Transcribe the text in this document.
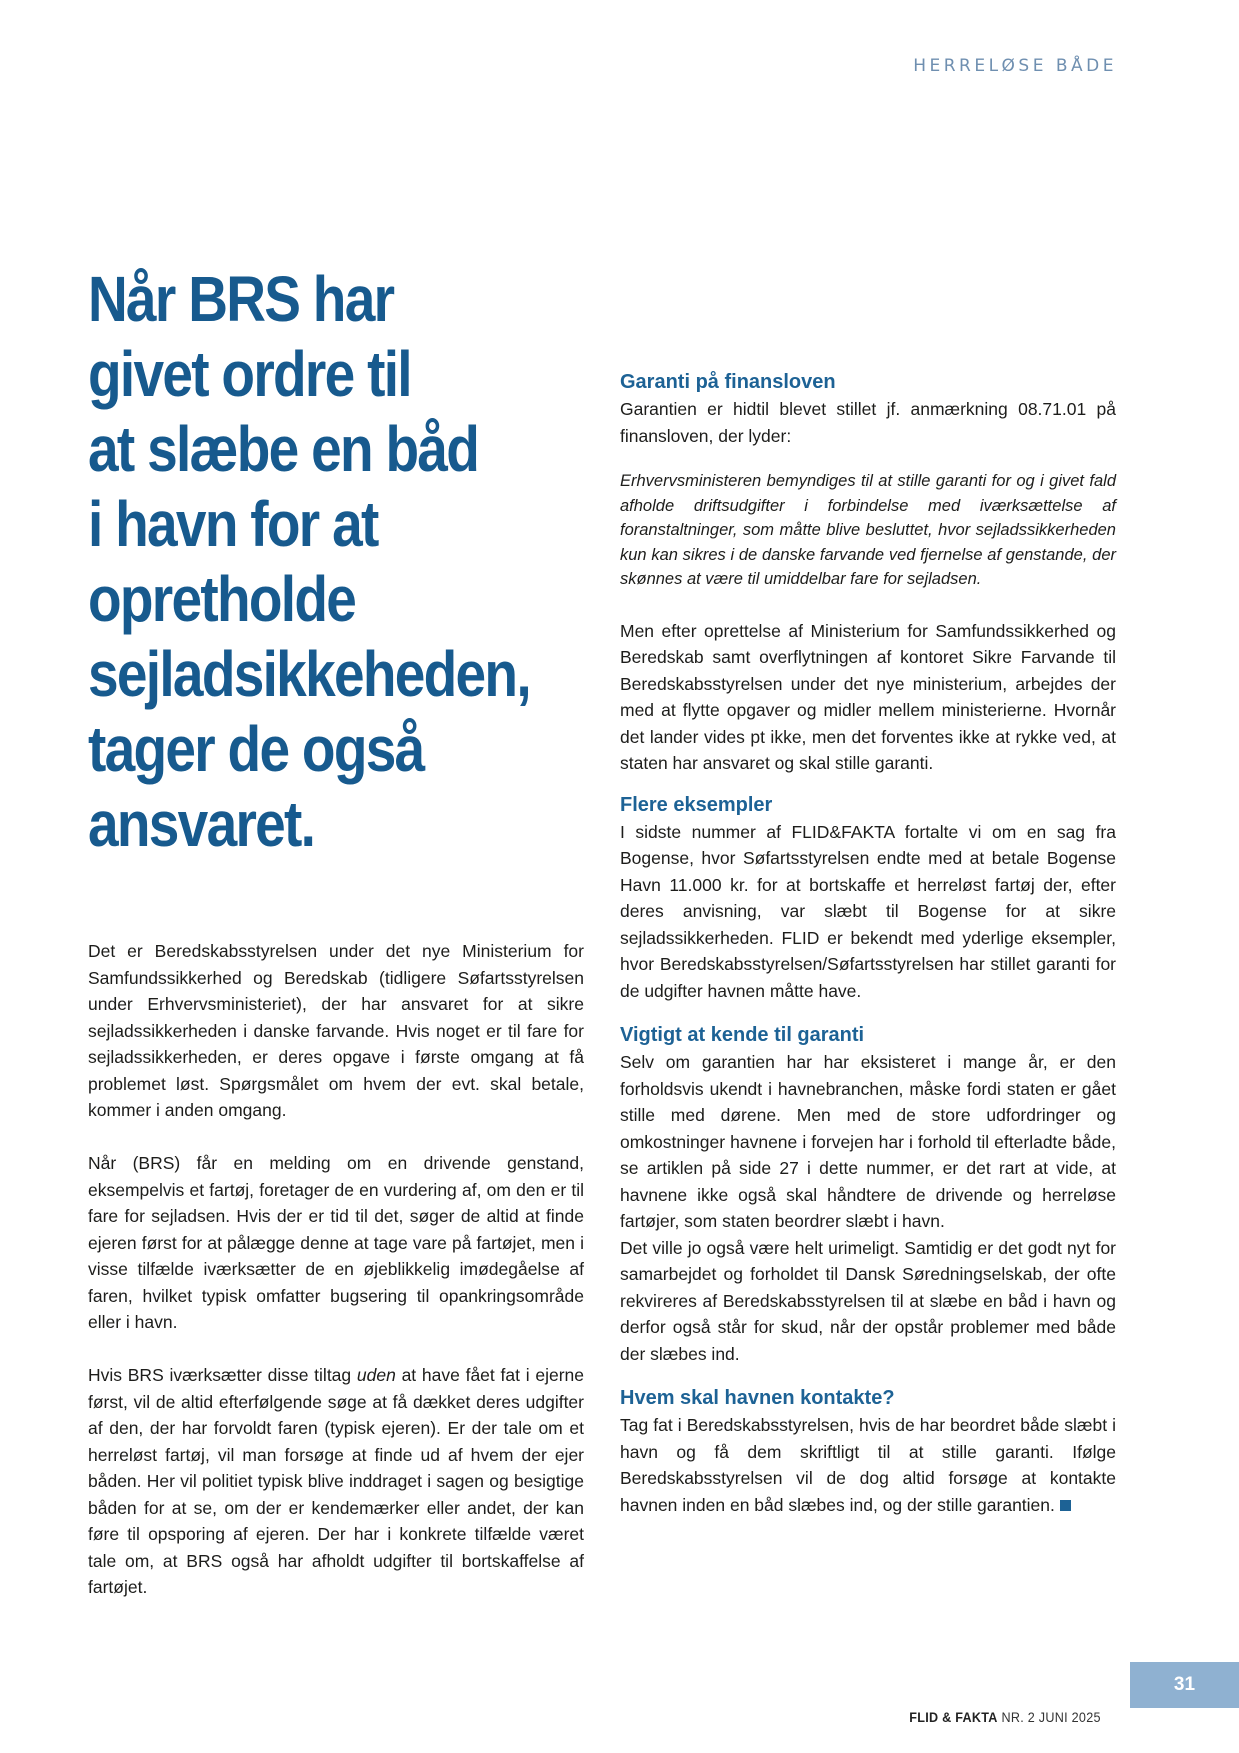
HERRELØSE BÅDE
Når BRS har
givet ordre til
at slæbe en båd
i havn for at
opretholde
sejladsikkeheden,
tager de også
ansvaret.

Det er Beredskabsstyrelsen under det nye Ministerium for Samfundssikkerhed og Beredskab (tidligere Søfartsstyrelsen under Erhvervsministeriet), der har ansvaret for at sikre sejladssikkerheden i danske farvande. Hvis noget er til fare for sejladssikkerheden, er deres opgave i første omgang at få problemet løst. Spørgsmålet om hvem der evt. skal betale, kommer i anden omgang.

Når (BRS) får en melding om en drivende genstand, eksempelvis et fartøj, foretager de en vurdering af, om den er til fare for sejladsen. Hvis der er tid til det, søger de altid at finde ejeren først for at pålægge denne at tage vare på fartøjet, men i visse tilfælde iværksætter de en øjeblikkelig imødegåelse af faren, hvilket typisk omfatter bugsering til opankringsområde eller i havn.

Hvis BRS iværksætter disse tiltag uden at have fået fat i ejerne først, vil de altid efterfølgende søge at få dækket deres udgifter af den, der har forvoldt faren (typisk ejeren). Er der tale om et herreløst fartøj, vil man forsøge at finde ud af hvem der ejer båden. Her vil politiet typisk blive inddraget i sagen og besigtige båden for at se, om der er kendemærker eller andet, der kan føre til opsporing af ejeren. Der har i konkrete tilfælde været tale om, at BRS også har afholdt udgifter til bortskaffelse af fartøjet.

Garanti på finansloven

Garantien er hidtil blevet stillet jf. anmærkning 08.71.01 på finansloven, der lyder:

Erhvervsministeren bemyndiges til at stille garanti for og i givet fald afholde driftsudgifter i forbindelse med iværksættelse af foranstaltninger, som måtte blive besluttet, hvor sejladssikkerheden kun kan sikres i de danske farvande ved fjernelse af genstande, der skønnes at være til umiddelbar fare for sejladsen.

Men efter oprettelse af Ministerium for Samfundssikkerhed og Beredskab samt overflytningen af kontoret Sikre Farvande til Beredskabsstyrelsen under det nye ministerium, arbejdes der med at flytte opgaver og midler mellem ministerierne. Hvornår det lander vides pt ikke, men det forventes ikke at rykke ved, at staten har ansvaret og skal stille garanti.

Flere eksempler

I sidste nummer af FLID&FAKTA fortalte vi om en sag fra Bogense, hvor Søfartsstyrelsen endte med at betale Bogense Havn 11.000 kr. for at bortskaffe et herreløst fartøj der, efter deres anvisning, var slæbt til Bogense for at sikre sejladssikkerheden. FLID er bekendt med yderlige eksempler, hvor Beredskabsstyrelsen/Søfartsstyrelsen har stillet garanti for de udgifter havnen måtte have.

Vigtigt at kende til garanti

Selv om garantien har har eksisteret i mange år, er den forholdsvis ukendt i havnebranchen, måske fordi staten er gået stille med dørene. Men med de store udfordringer og omkostninger havnene i forvejen har i forhold til efterladte både, se artiklen på side 27 i dette nummer, er det rart at vide, at havnene ikke også skal håndtere de drivende og herreløse fartøjer, som staten beordrer slæbt i havn.

Det ville jo også være helt urimeligt. Samtidig er det godt nyt for samarbejdet og forholdet til Dansk Søredningselskab, der ofte rekvireres af Beredskabsstyrelsen til at slæbe en båd i havn og derfor også står for skud, når der opstår problemer med både der slæbes ind.

Hvem skal havnen kontakte?

Tag fat i Beredskabsstyrelsen, hvis de har beordret både slæbt i havn og få dem skriftligt til at stille garanti. Ifølge Beredskabsstyrelsen vil de dog altid forsøge at kontakte havnen inden en båd slæbes ind, og der stille garantien.

FLID & FAKTA NR. 2 JUNI 2025
31
